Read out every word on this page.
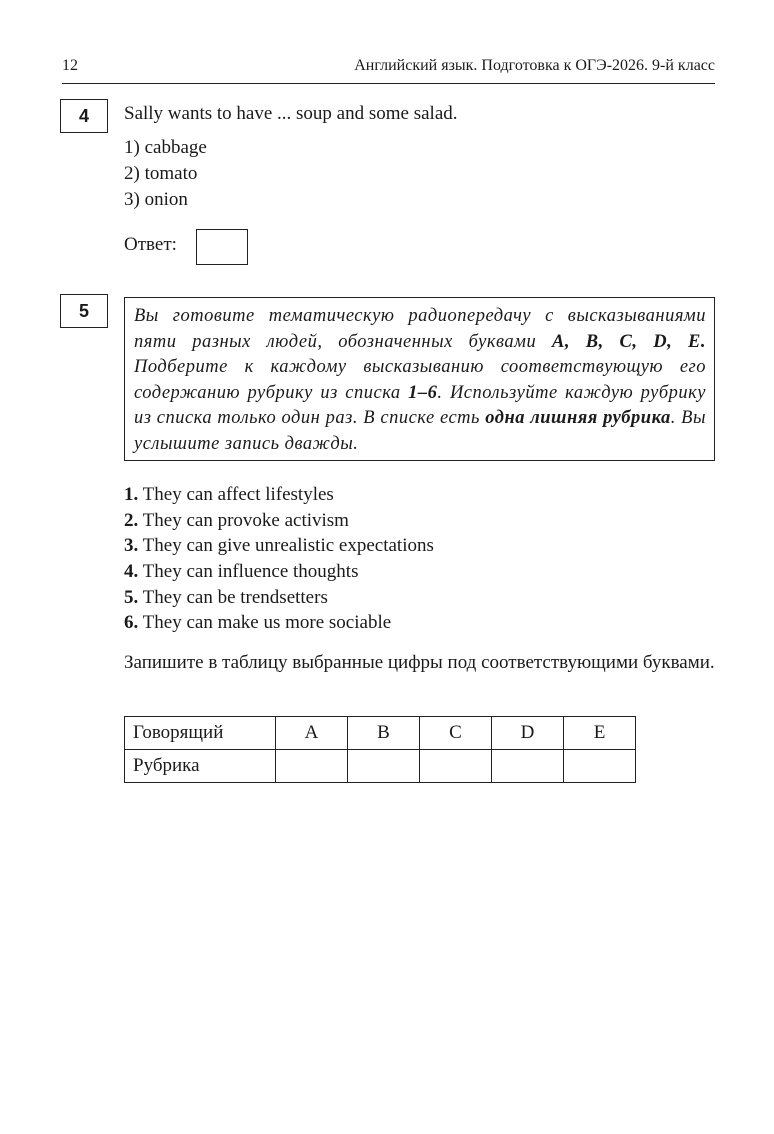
12	Английский язык. Подготовка к ОГЭ-2026. 9-й класс
4	Sally wants to have ... soup and some salad.
1) cabbage
2) tomato
3) onion
Ответ:
5	Вы готовите тематическую радиопередачу с высказываниями пяти разных людей, обозначенных буквами A, B, C, D, E. Подберите к каждому высказыванию соответствующую его содержанию рубрику из списка 1–6. Используйте каждую рубрику из списка только один раз. В списке есть одна лишняя рубрика. Вы услышите запись дважды.
1. They can affect lifestyles
2. They can provoke activism
3. They can give unrealistic expectations
4. They can influence thoughts
5. They can be trendsetters
6. They can make us more sociable
Запишите в таблицу выбранные цифры под соответствующими буквами.
Говорящий	A	B	C	D	E
Рубрика					
